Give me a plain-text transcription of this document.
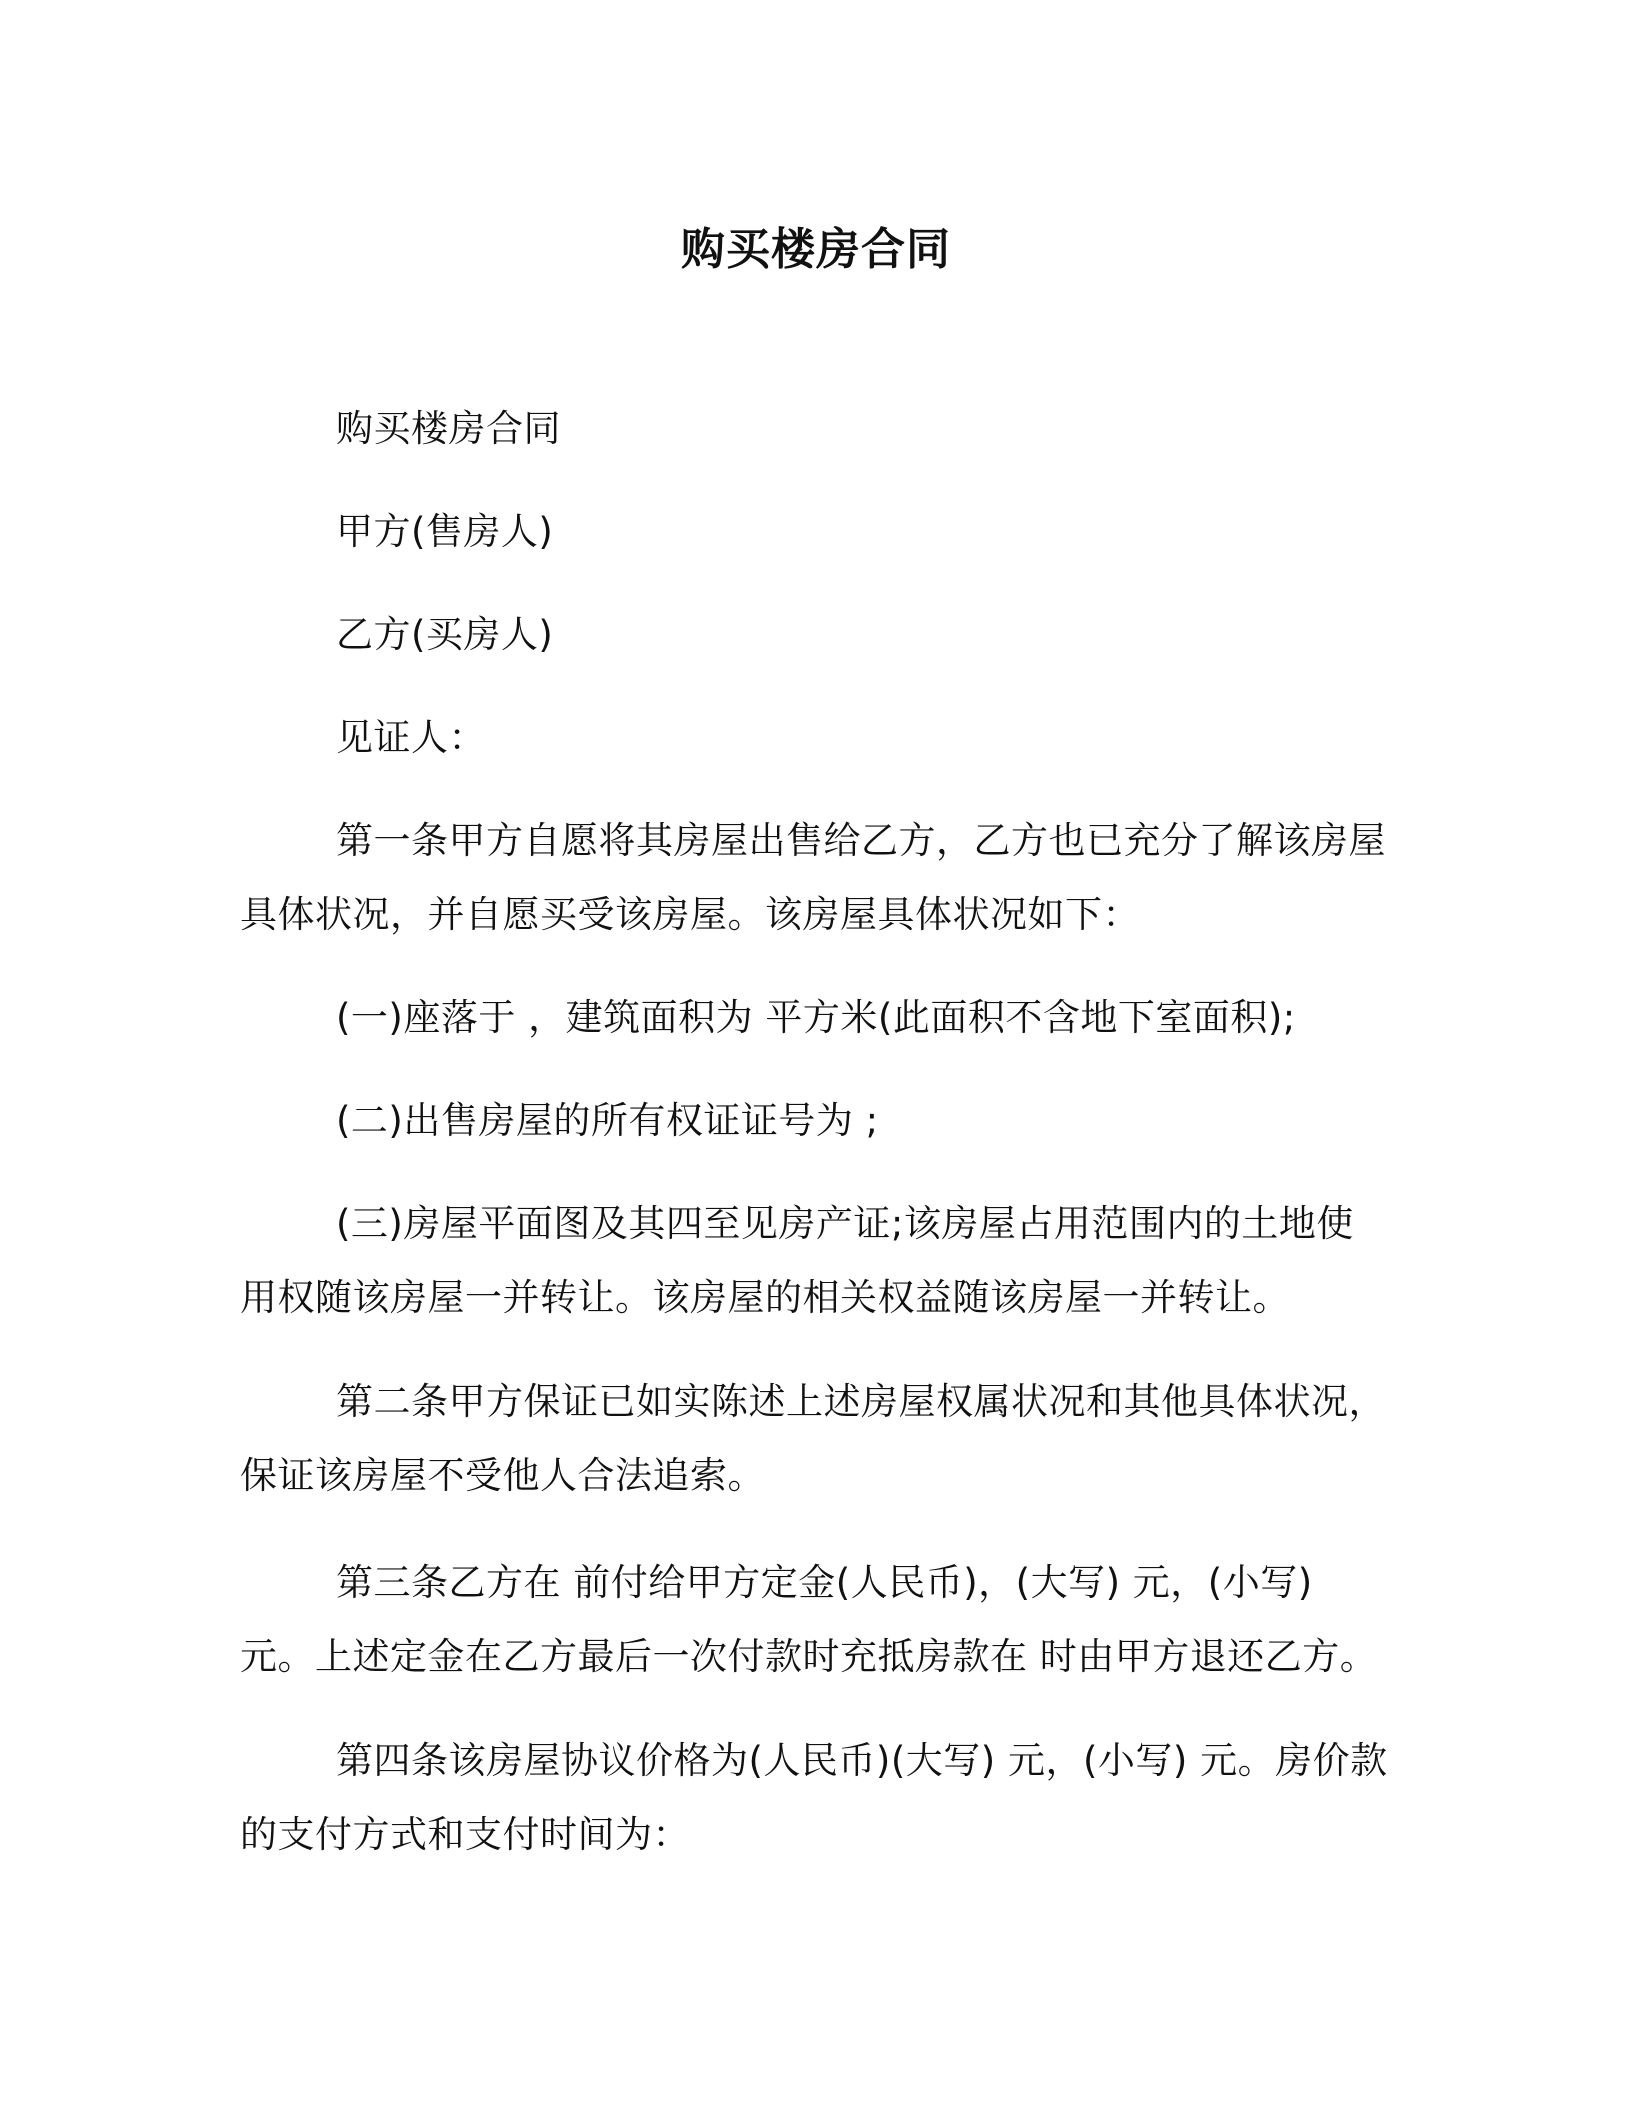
购买楼房合同
购买楼房合同
甲方(售房人)
乙方(买房人)
见证人：
第一条甲方自愿将其房屋出售给乙方，乙方也已充分了解该房屋具体状况，并自愿买受该房屋。该房屋具体状况如下：
(一)座落于 ，建筑面积为 平方米(此面积不含地下室面积);
(二)出售房屋的所有权证证号为 ;
(三)房屋平面图及其四至见房产证;该房屋占用范围内的土地使用权随该房屋一并转让。该房屋的相关权益随该房屋一并转让。
第二条甲方保证已如实陈述上述房屋权属状况和其他具体状况，保证该房屋不受他人合法追索。
第三条乙方在 前付给甲方定金(人民币)，(大写) 元，(小写) 元。上述定金在乙方最后一次付款时充抵房款在 时由甲方退还乙方。
第四条该房屋协议价格为(人民币)(大写) 元，(小写) 元。房价款的支付方式和支付时间为：
